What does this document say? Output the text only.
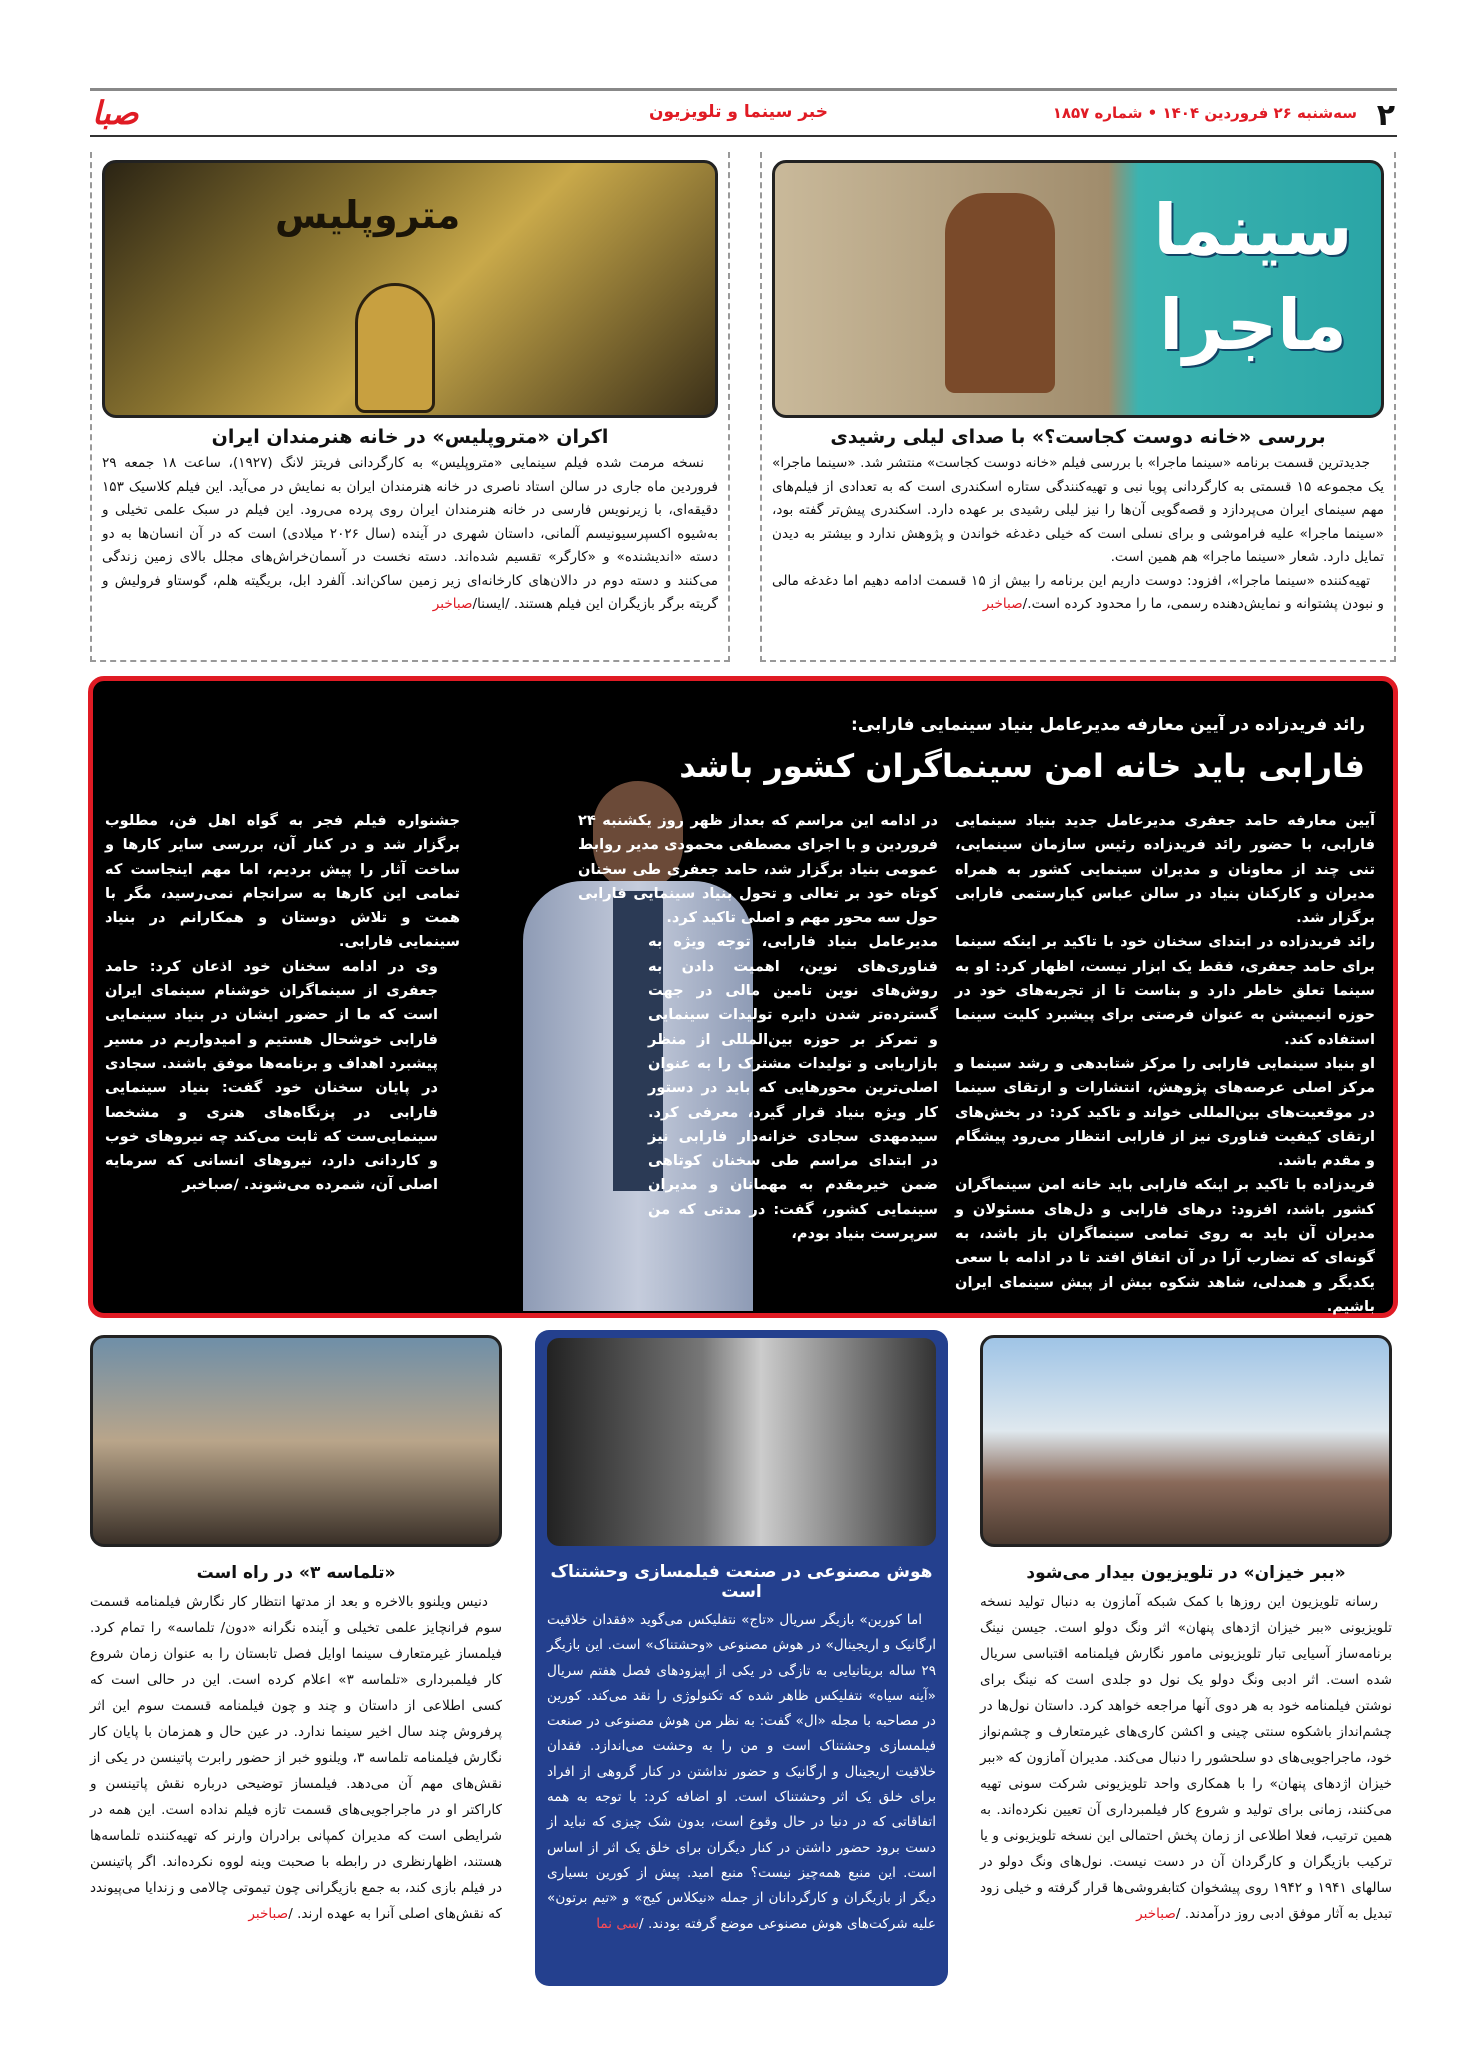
۲
سه‌شنبه ۲۶ فروردین ۱۴۰۴ • شماره ۱۸۵۷
خبر سینما و تلویزیون
صبا
سینما ماجرا
بررسی «خانه دوست کجاست؟» با صدای لیلی رشیدی

جدیدترین قسمت برنامه «سینما ماجرا» با بررسی فیلم «خانه دوست کجاست» منتشر شد. «سینما ماجرا» یک مجموعه ۱۵ قسمتی به کارگردانی پویا نبی و تهیه‌کنندگی ستاره اسکندری است که به تعدادی از فیلم‌های مهم سینمای ایران می‌پردازد و قصه‌گویی آن‌ها را نیز لیلی رشیدی بر عهده دارد. اسکندری پیش‌تر گفته بود، «سینما ماجرا» علیه فراموشی و برای نسلی است که خیلی دغدغه خواندن و پژوهش ندارد و بیشتر به دیدن تمایل دارد. شعار «سینما ماجرا» هم همین است.

تهیه‌کننده «سینما ماجرا»، افزود: دوست داریم این برنامه را بیش از ۱۵ قسمت ادامه دهیم اما دغدغه مالی و نبودن پشتوانه و نمایش‌دهنده رسمی، ما را محدود کرده است./صباخبر

متروپلیس
اکران «متروپلیس» در خانه هنرمندان ایران

نسخه مرمت شده فیلم سینمایی «متروپلیس» به کارگردانی فریتز لانگ (۱۹۲۷)، ساعت ۱۸ جمعه ۲۹ فروردین ماه جاری در سالن استاد ناصری در خانه هنرمندان ایران به نمایش در می‌آید. این فیلم کلاسیک ۱۵۳ دقیقه‌ای، با زیرنویس فارسی در خانه هنرمندان ایران روی پرده می‌رود. این فیلم در سبک علمی تخیلی و به‌شیوه اکسپرسیونیسم آلمانی، داستان شهری در آینده (سال ۲۰۲۶ میلادی) است که در آن انسان‌ها به دو دسته «اندیشنده» و «کارگر» تقسیم شده‌اند. دسته نخست در آسمان‌خراش‌های مجلل بالای زمین زندگی می‌کنند و دسته دوم در دالان‌های کارخانه‌ای زیر زمین ساکن‌اند. آلفرد ابل، بریگیته هلم، گوستاو فرولیش و گریته برگر بازیگران این فیلم هستند. /ایسنا/صباخبر

رائد فریدزاده در آیین معارفه مدیرعامل بنیاد سینمایی فارابی:
فارابی باید خانه امن سینماگران کشور باشد

آیین معارفه حامد جعفری مدیرعامل جدید بنیاد سینمایی فارابی، با حضور رائد فریدزاده رئیس سازمان سینمایی، تنی چند از معاونان و مدیران سینمایی کشور به همراه مدیران و کارکنان بنیاد در سالن عباس کیارستمی فارابی برگزار شد.

رائد فریدزاده در ابتدای سخنان خود با تاکید بر اینکه سینما برای حامد جعفری، فقط یک ابزار نیست، اظهار کرد: او به سینما تعلق خاطر دارد و بناست تا از تجربه‌های خود در حوزه انیمیشن به عنوان فرصتی برای پیشبرد کلیت سینما استفاده کند.

او بنیاد سینمایی فارابی را مرکز شتابدهی و رشد سینما و مرکز اصلی عرصه‌های پژوهش، انتشارات و ارتقای سینما در موقعیت‌های بین‌المللی خواند و تاکید کرد: در بخش‌های ارتقای کیفیت فناوری نیز از فارابی انتظار می‌رود پیشگام و مقدم باشد.

فریدزاده با تاکید بر اینکه فارابی باید خانه امن سینماگران کشور باشد، افزود: درهای فارابی و دل‌های مسئولان و مدیران آن باید به روی تمامی سینماگران باز باشد، به گونه‌ای که تضارب آرا در آن اتفاق افتد تا در ادامه با سعی یکدیگر و همدلی، شاهد شکوه بیش از پیش سینمای ایران باشیم.

در ادامه این مراسم که بعداز ظهر روز یکشنبه ۲۴ فروردین و با اجرای مصطفی محمودی مدیر روابط عمومی بنیاد برگزار شد، حامد جعفری طی سخنان کوتاه خود بر تعالی و تحول بنیاد سینمایی فارابی حول سه محور مهم و اصلی تاکید کرد.

مدیرعامل بنیاد فارابی، توجه ویژه به فناوری‌های نوین، اهمیت دادن به روش‌های نوین تامین مالی در جهت گسترده‌تر شدن دایره تولیدات سینمایی و تمرکز بر حوزه بین‌المللی از منظر بازاریابی و تولیدات مشترک را به عنوان اصلی‌ترین محورهایی که باید در دستور کار ویژه بنیاد قرار گیرد، معرفی کرد. سیدمهدی سجادی خزانه‌دار فارابی نیز در ابتدای مراسم طی سخنان کوتاهی ضمن خیرمقدم به مهمانان و مدیران سینمایی کشور، گفت: در مدتی که من سرپرست بنیاد بودم،

جشنواره فیلم فجر به گواه اهل فن، مطلوب برگزار شد و در کنار آن، بررسی سایر کارها و ساخت آثار را پیش بردیم، اما مهم اینجاست که تمامی این کارها به سرانجام نمی‌رسید، مگر با همت و تلاش دوستان و همکارانم در بنیاد سینمایی فارابی.

وی در ادامه سخنان خود اذعان کرد: حامد جعفری از سینماگران خوشنام سینمای ایران است که ما از حضور ایشان در بنیاد سینمایی فارابی خوشحال هستیم و امیدواریم در مسیر پیشبرد اهداف و برنامه‌ها موفق باشند. سجادی در پایان سخنان خود گفت: بنیاد سینمایی فارابی در پزنگاه‌های هنری و مشخصا سینمایی‌ست که ثابت می‌کند چه نیروهای خوب و کاردانی دارد، نیروهای انسانی که سرمایه اصلی آن، شمرده می‌شوند. /صباخبر

«ببر خیزان» در تلویزیون بیدار می‌شود

رسانه تلویزیون این روزها با کمک شبکه آمازون به دنبال تولید نسخه تلویزیونی «ببر خیزان اژدهای پنهان» اثر ونگ دولو است. جیسن نینگ برنامه‌ساز آسیایی تبار تلویزیونی مامور نگارش فیلمنامه اقتباسی سریال شده است. اثر ادبی ونگ دولو یک نول دو جلدی است که نینگ برای نوشتن فیلمنامه خود به هر دوی آنها مراجعه خواهد کرد. داستان نول‌ها در چشم‌انداز باشکوه سنتی چینی و اکشن کاری‌های غیرمتعارف و چشم‌نواز خود، ماجراجویی‌های دو سلحشور را دنبال می‌کند. مدیران آمازون که «ببر خیزان اژدهای پنهان» را با همکاری واحد تلویزیونی شرکت سونی تهیه می‌کنند، زمانی برای تولید و شروع کار فیلمبرداری آن تعیین نکرده‌اند. به همین ترتیب، فعلا اطلاعی از زمان پخش احتمالی این نسخه تلویزیونی و یا ترکیب بازیگران و کارگردان آن در دست نیست. نول‌های ونگ دولو در سالهای ۱۹۴۱ و ۱۹۴۲ روی پیشخوان کتابفروشی‌ها قرار گرفته و خیلی زود تبدیل به آثار موفق ادبی روز درآمدند. /صباخبر

هوش مصنوعی در صنعت فیلمسازی وحشتناک است

اما کورین» بازیگر سریال «تاج» نتفلیکس می‌گوید «فقدان خلاقیت ارگانیک و اریجینال» در هوش مصنوعی «وحشتناک» است. این بازیگر ۲۹ ساله بریتانیایی به تازگی در یکی از اپیزودهای فصل هفتم سریال «آینه سیاه» نتفلیکس ظاهر شده که تکنولوژی را نقد می‌کند. کورین در مصاحبه با مجله «ال» گفت: به نظر من هوش مصنوعی در صنعت فیلمسازی وحشتناک است و من را به وحشت می‌اندازد. فقدان خلاقیت اریجینال و ارگانیک و حضور نداشتن در کنار گروهی از افراد برای خلق یک اثر وحشتناک است. او اضافه کرد: با توجه به همه اتفاقاتی که در دنیا در حال وقوع است، بدون شک چیزی که نباید از دست برود حضور داشتن در کنار دیگران برای خلق یک اثر از اساس است. این منبع همه‌چیز نیست؟ منبع امید. پیش از کورین بسیاری دیگر از بازیگران و کارگردانان از جمله «نیکلاس کیج» و «تیم برتون» علیه شرکت‌های هوش مصنوعی موضع گرفته بودند. /سی نما

«تلماسه ۳» در راه است

دنیس ویلنوو بالاخره و بعد از مدتها انتظار کار نگارش فیلمنامه قسمت سوم فرانچایز علمی تخیلی و آینده نگرانه «دون/ تلماسه» را تمام کرد. فیلمساز غیرمتعارف سینما اوایل فصل تابستان را به عنوان زمان شروع کار فیلمبرداری «تلماسه ۳» اعلام کرده است. این در حالی است که کسی اطلاعی از داستان و چند و چون فیلمنامه قسمت سوم این اثر پرفروش چند سال اخیر سینما ندارد. در عین حال و همزمان با پایان کار نگارش فیلمنامه تلماسه ۳، ویلنوو خبر از حضور رابرت پاتینسن در یکی از نقش‌های مهم آن می‌دهد. فیلمساز توضیحی درباره نقش پاتینسن و کاراکتر او در ماجراجویی‌های قسمت تازه فیلم نداده است. این همه در شرایطی است که مدیران کمپانی برادران وارنر که تهیه‌کننده تلماسه‌ها هستند، اظهارنظری در رابطه با صحبت وینه لووه نکرده‌اند. اگر پاتینسن در فیلم بازی کند، به جمع بازیگرانی چون تیموتی چالامی و زندایا می‌پیوندد که نقش‌های اصلی آنرا به عهده ارند. /صباخبر
